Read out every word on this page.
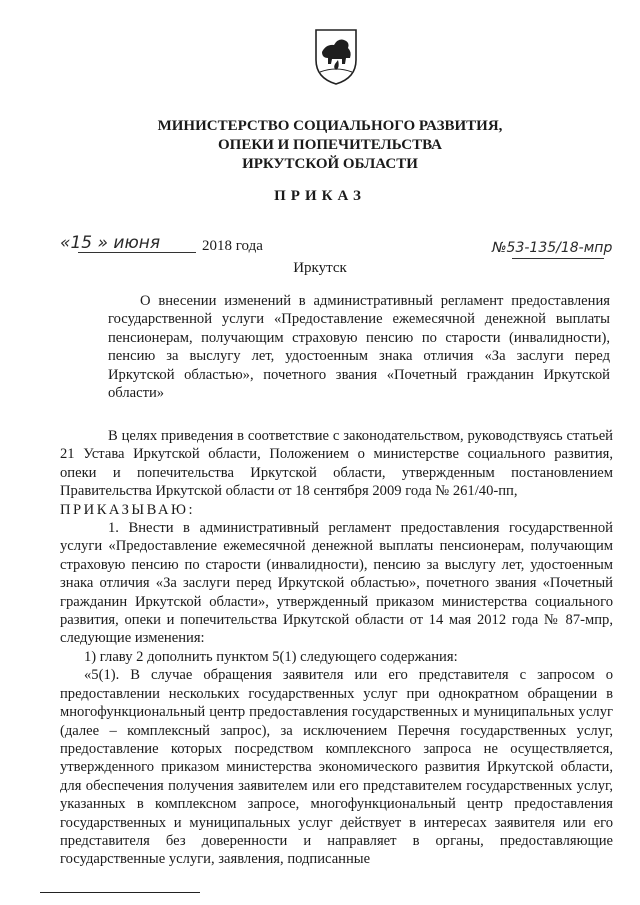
МИНИСТЕРСТВО СОЦИАЛЬНОГО РАЗВИТИЯ,
ОПЕКИ И ПОПЕЧИТЕЛЬСТВА
ИРКУТСКОЙ ОБЛАСТИ
ПРИКАЗ
«15 » июня	2018 года	№53-135/18-мпр
Иркутск

О внесении изменений в административный регламент предоставления государственной услуги «Предоставление ежемесячной денежной выплаты пенсионерам, получающим страховую пенсию по старости (инвалидности), пенсию за выслугу лет, удостоенным знака отличия «За заслуги перед Иркутской областью», почетного звания «Почетный гражданин Иркутской области»

В целях приведения в соответствие с законодательством, руководствуясь статьей 21 Устава Иркутской области, Положением о министерстве социального развития, опеки и попечительства Иркутской области, утвержденным постановлением Правительства Иркутской области от 18 сентября 2009 года № 261/40-пп,

ПРИКАЗЫВАЮ:

1. Внести в административный регламент предоставления государственной услуги «Предоставление ежемесячной денежной выплаты пенсионерам, получающим страховую пенсию по старости (инвалидности), пенсию за выслугу лет, удостоенным знака отличия «За заслуги перед Иркутской областью», почетного звания «Почетный гражданин Иркутской области», утвержденный приказом министерства социального развития, опеки и попечительства Иркутской области от 14 мая 2012 года № 87-мпр, следующие изменения:

1) главу 2 дополнить пунктом 5(1) следующего содержания:

«5(1). В случае обращения заявителя или его представителя с запросом о предоставлении нескольких государственных услуг при однократном обращении в многофункциональный центр предоставления государственных и муниципальных услуг (далее – комплексный запрос), за исключением Перечня государственных услуг, предоставление которых посредством комплексного запроса не осуществляется, утвержденного приказом министерства экономического развития Иркутской области, для обеспечения получения заявителем или его представителем государственных услуг, указанных в комплексном запросе, многофункциональный центр предоставления государственных и муниципальных услуг действует в интересах заявителя или его представителя без доверенности и направляет в органы, предоставляющие государственные услуги, заявления, подписанные
